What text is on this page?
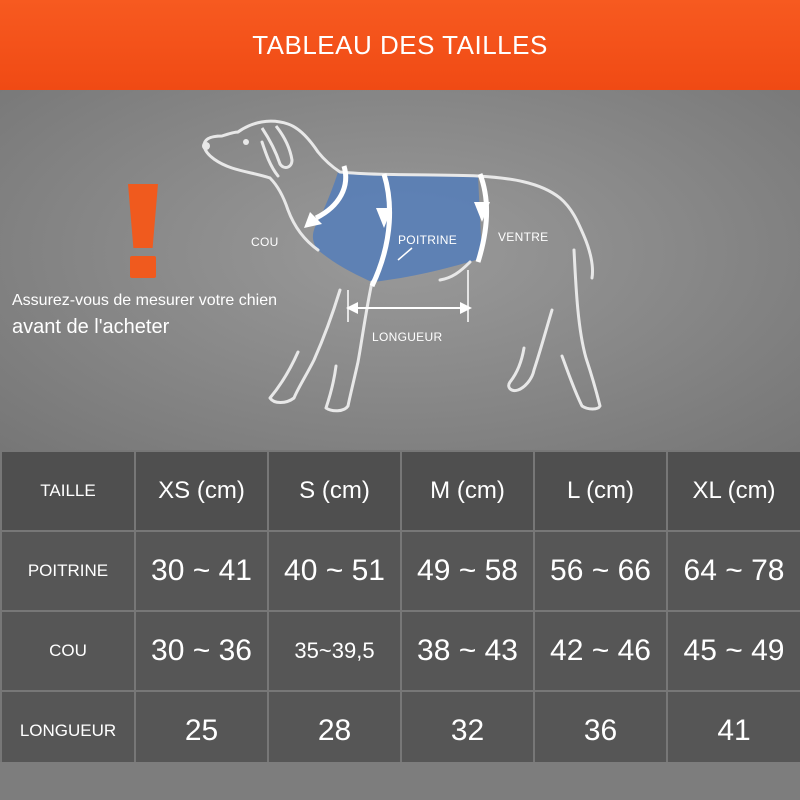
TABLEAU DES TAILLES
Assurez-vous de mesurer votre chien
avant de l'acheter
COU	POITRINE	VENTRE
LONGUEUR
TAILLE	XS (cm)	S (cm)	M (cm)	L (cm)	XL (cm)
POITRINE	30 ~ 41	40 ~ 51	49 ~ 58	56 ~ 66	64 ~ 78
COU	30 ~ 36	35~39,5	38 ~ 43	42 ~ 46	45 ~ 49
LONGUEUR	25	28	32	36	41
